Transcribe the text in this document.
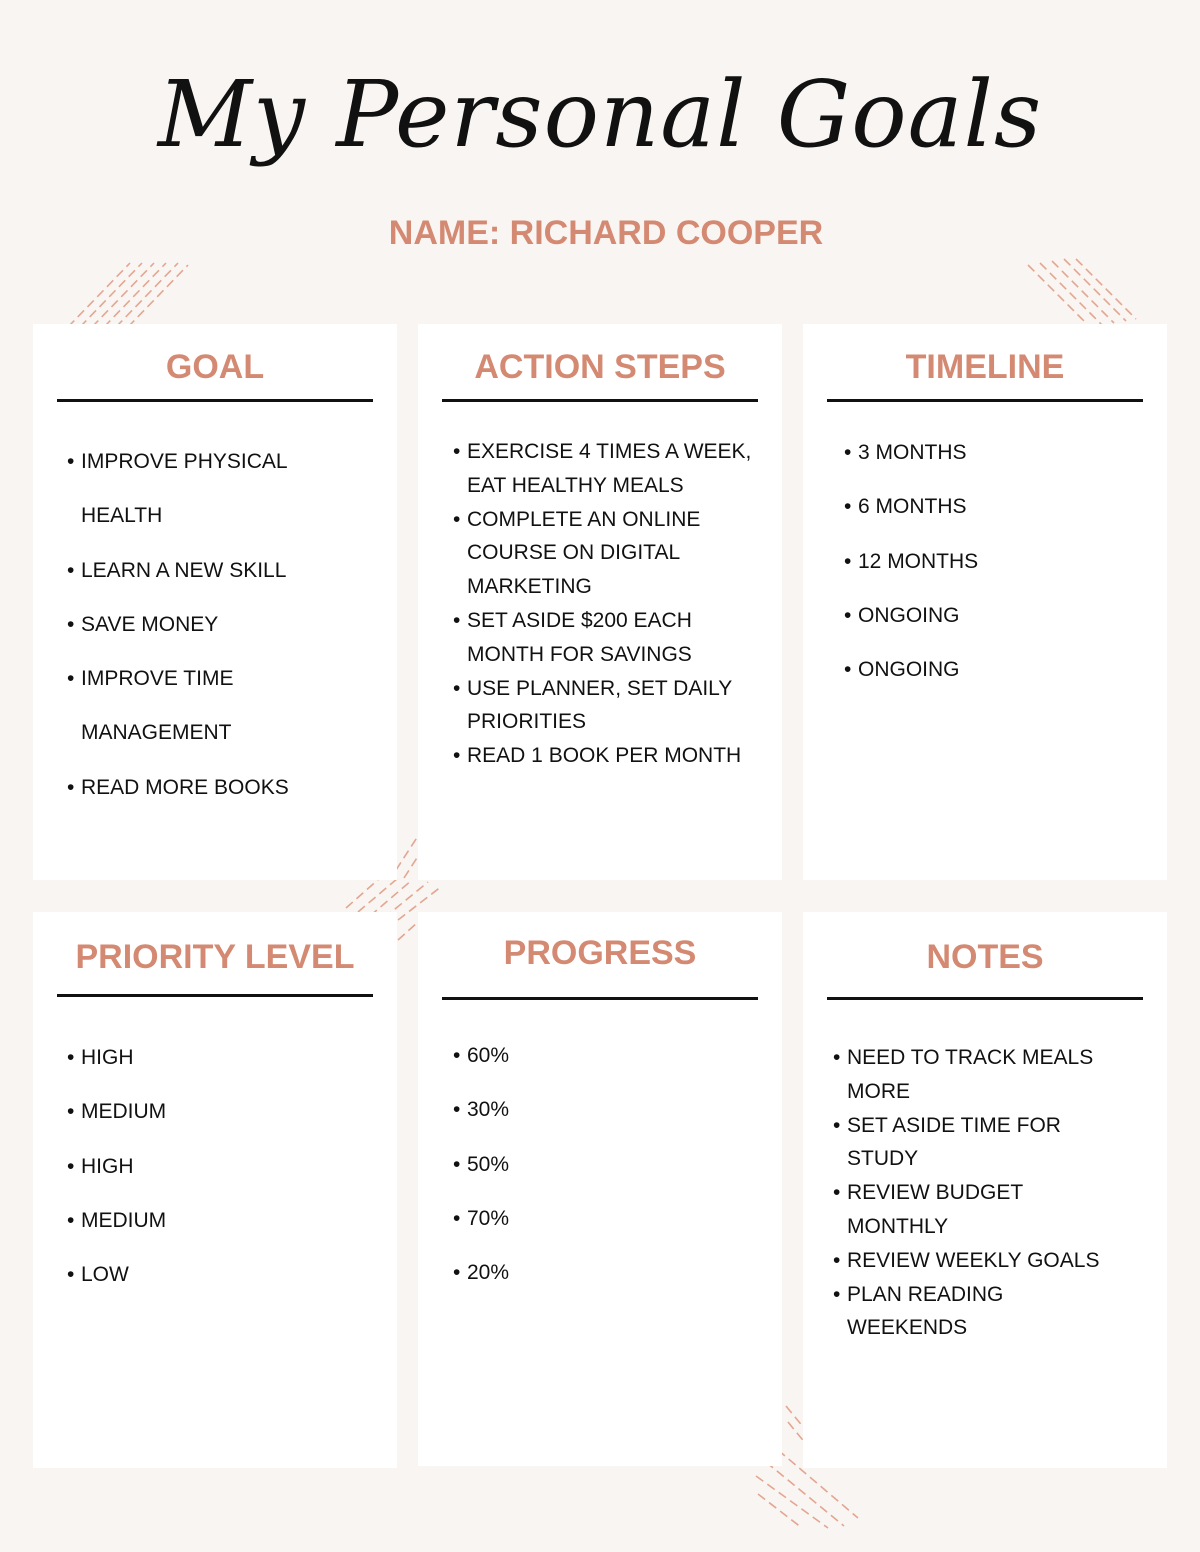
My Personal Goals
NAME: RICHARD COOPER
GOAL
• IMPROVE PHYSICAL
HEALTH
• LEARN A NEW SKILL
• SAVE MONEY
• IMPROVE TIME
MANAGEMENT
• READ MORE BOOKS
ACTION STEPS
• EXERCISE 4 TIMES A WEEK, EAT HEALTHY MEALS
• COMPLETE AN ONLINE COURSE ON DIGITAL MARKETING
• SET ASIDE $200 EACH MONTH FOR SAVINGS
• USE PLANNER, SET DAILY PRIORITIES
• READ 1 BOOK PER MONTH
TIMELINE
• 3 MONTHS
• 6 MONTHS
• 12 MONTHS
• ONGOING
• ONGOING
PRIORITY LEVEL
• HIGH
• MEDIUM
• HIGH
• MEDIUM
• LOW
PROGRESS
• 60%
• 30%
• 50%
• 70%
• 20%
NOTES
• NEED TO TRACK MEALS MORE
• SET ASIDE TIME FOR STUDY
• REVIEW BUDGET MONTHLY
• REVIEW WEEKLY GOALS
• PLAN READING WEEKENDS
